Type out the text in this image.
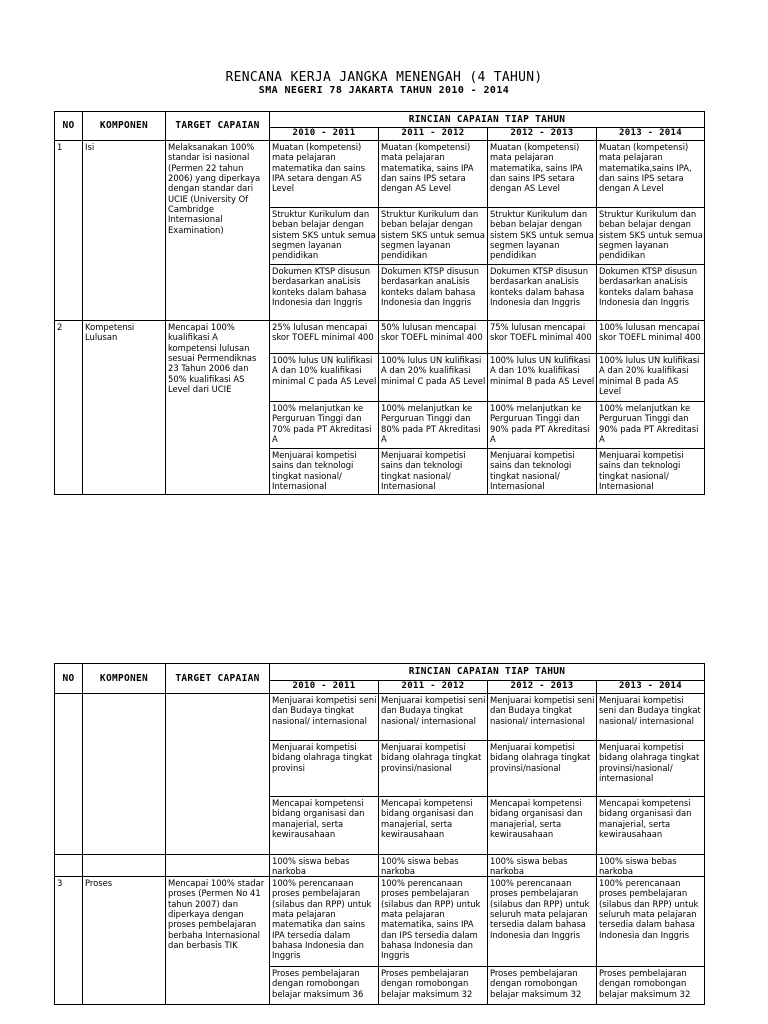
RENCANA KERJA JANGKA MENENGAH (4 TAHUN)
SMA NEGERI 78 JAKARTA TAHUN 2010 - 2014
NO	KOMPONEN	TARGET CAPAIAN	RINCIAN CAPAIAN TIAP TAHUN			
			2010 - 2011	2011 - 2012	2012 - 2013	2013 - 2014
1	Isi	Melaksanakan 100% standar isi nasional (Permen 22 tahun 2006) yang diperkaya dengan standar dari UCIE (University Of Cambridge Internasional Examination)	Muatan (kompetensi) mata pelajaran matematika dan sains IPA setara dengan AS Level	Muatan (kompetensi) mata pelajaran matematika, sains IPA dan sains IPS setara dengan AS Level	Muatan (kompetensi) mata pelajaran matematika, sains IPA dan sains IPS setara dengan AS Level	Muatan (kompetensi) mata pelajaran matematika,sains IPA, dan sains IPS setara dengan A Level

			Struktur Kurikulum dan beban belajar dengan sistem SKS untuk semua segmen layanan pendidikan	Struktur Kurikulum dan beban belajar dengan sistem SKS untuk semua segmen layanan pendidikan	Struktur Kurikulum dan beban belajar dengan sistem SKS untuk semua segmen layanan pendidikan	Struktur Kurikulum dan beban belajar dengan sistem SKS untuk semua segmen layanan pendidikan

			Dokumen KTSP disusun berdasarkan anaLisis konteks dalam bahasa Indonesia dan Inggris	Dokumen KTSP disusun berdasarkan anaLisis konteks dalam bahasa Indonesia dan Inggris	Dokumen KTSP disusun berdasarkan anaLisis konteks dalam bahasa Indonesia dan Inggris	Dokumen KTSP disusun berdasarkan anaLisis konteks dalam bahasa Indonesia dan Inggris

2	Kompetensi Lulusan	Mencapai 100% kualifikasi A kompetensi lulusan sesuai Permendiknas 23 Tahun 2006 dan 50% kualifikasi AS Level dari UCIE	25% lulusan mencapai skor TOEFL minimal 400	50% lulusan mencapai skor TOEFL minimal 400	75% lulusan mencapai skor TOEFL minimal 400	100% lulusan mencapai skor TOEFL minimal 400

			100% lulus UN kulifikasi A dan 10% kualifikasi minimal C pada AS Level	100% lulus UN kulifikasi A dan 20% kualifikasi minimal C pada AS Level	100% lulus UN kulifikasi A dan 10% kualifikasi minimal B pada AS Level	100% lulus UN kulifikasi A dan 20% kualifikasi minimal B pada AS Level

			100% melanjutkan ke Perguruan Tinggi dan 70% pada PT Akreditasi A	100% melanjutkan ke Perguruan Tinggi dan 80% pada PT Akreditasi A	100% melanjutkan ke Perguruan Tinggi dan 90% pada PT Akreditasi A	100% melanjutkan ke Perguruan Tinggi dan 90% pada PT Akreditasi A

			Menjuarai kompetisi sains dan teknologi tingkat nasional/ Internasional	Menjuarai kompetisi sains dan teknologi tingkat nasional/ Internasional	Menjuarai kompetisi sains dan teknologi tingkat nasional/ Internasional	Menjuarai kompetisi sains dan teknologi tingkat nasional/ Internasional
NO	KOMPONEN	TARGET CAPAIAN	RINCIAN CAPAIAN TIAP TAHUN			
			2010 - 2011	2011 - 2012	2012 - 2013	2013 - 2014

			Menjuarai kompetisi seni dan Budaya tingkat nasional/ internasional	Menjuarai kompetisi seni dan Budaya tingkat nasional/ internasional	Menjuarai kompetisi seni dan Budaya tingkat nasional/ internasional	Menjuarai kompetisi seni dan Budaya tingkat nasional/ internasional

			Menjuarai kompetisi bidang olahraga tingkat provinsi	Menjuarai kompetisi bidang olahraga tingkat provinsi/nasional	Menjuarai kompetisi bidang olahraga tingkat provinsi/nasional	Menjuarai kompetisi bidang olahraga tingkat provinsi/nasional/ internasional

			Mencapai kompetensi bidang organisasi dan manajerial, serta kewirausahaan	Mencapai kompetensi bidang organisasi dan manajerial, serta kewirausahaan	Mencapai kompetensi bidang organisasi dan manajerial, serta kewirausahaan	Mencapai kompetensi bidang organisasi dan manajerial, serta kewirausahaan

			100% siswa bebas narkoba	100% siswa bebas narkoba	100% siswa bebas narkoba	100% siswa bebas narkoba

3	Proses	Mencapai 100% stadar proses (Permen No 41 tahun 2007) dan diperkaya dengan proses pembelajaran berbaha Internasional dan berbasis TIK	100% perencanaan proses pembelajaran (silabus dan RPP) untuk mata pelajaran matematika dan sains IPA tersedia dalam bahasa Indonesia dan Inggris	100% perencanaan proses pembelajaran (silabus dan RPP) untuk mata pelajaran matematika, sains IPA dan IPS tersedia dalam bahasa Indonesia dan Inggris	100% perencanaan proses pembelajaran (silabus dan RPP) untuk seluruh mata pelajaran tersedia dalam bahasa Indonesia dan Inggris	100% perencanaan proses pembelajaran (silabus dan RPP) untuk seluruh mata pelajaran tersedia dalam bahasa Indonesia dan Inggris

			Proses pembelajaran dengan romobongan belajar maksimum 36	Proses pembelajaran dengan romobongan belajar maksimum 32	Proses pembelajaran dengan romobongan belajar maksimum 32	Proses pembelajaran dengan romobongan belajar maksimum 32
